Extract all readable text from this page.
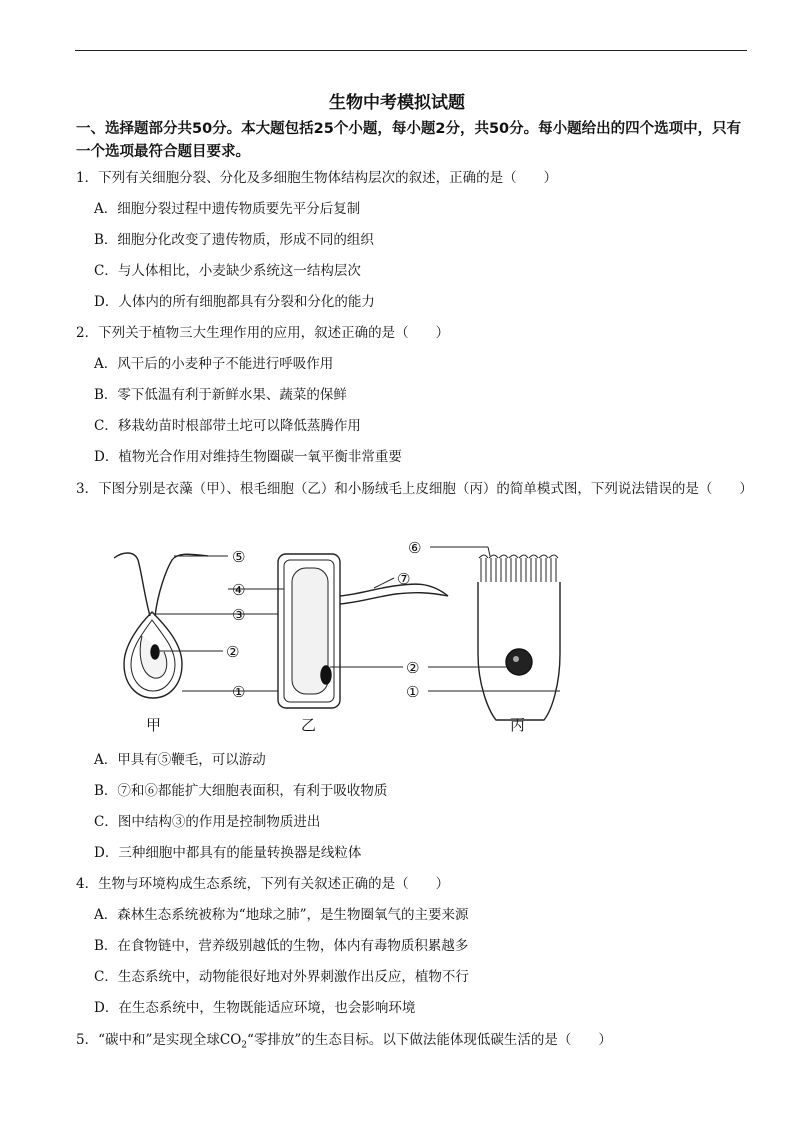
生物中考模拟试题
一、选择题部分共50分。本大题包括25个小题，每小题2分，共50分。每小题给出的四个选项中，只有一个选项最符合题目要求。
1．下列有关细胞分裂、分化及多细胞生物体结构层次的叙述，正确的是（　　）
A．细胞分裂过程中遗传物质要先平分后复制
B．细胞分化改变了遗传物质，形成不同的组织
C．与人体相比，小麦缺少系统这一结构层次
D．人体内的所有细胞都具有分裂和分化的能力
2．下列关于植物三大生理作用的应用，叙述正确的是（　　）
A．风干后的小麦种子不能进行呼吸作用
B．零下低温有利于新鲜水果、蔬菜的保鲜
C．移栽幼苗时根部带土坨可以降低蒸腾作用
D．植物光合作用对维持生物圈碳一氧平衡非常重要
3．下图分别是衣藻（甲）、根毛细胞（乙）和小肠绒毛上皮细胞（丙）的简单模式图，下列说法错误的是（　　）
⑤
④
③
②
①
⑦
⑥
②
①
甲	乙	丙
A．甲具有⑤鞭毛，可以游动
B．⑦和⑥都能扩大细胞表面积，有利于吸收物质
C．图中结构③的作用是控制物质进出
D．三种细胞中都具有的能量转换器是线粒体
4．生物与环境构成生态系统，下列有关叙述正确的是（　　）
A．森林生态系统被称为“地球之肺”，是生物圈氧气的主要来源
B．在食物链中，营养级别越低的生物，体内有毒物质积累越多
C．生态系统中，动物能很好地对外界刺激作出反应，植物不行
D．在生态系统中，生物既能适应环境，也会影响环境
5．“碳中和”是实现全球$CO_2“$零排放”的生态目标。以下做法能体现低碳生活的是（　　）
